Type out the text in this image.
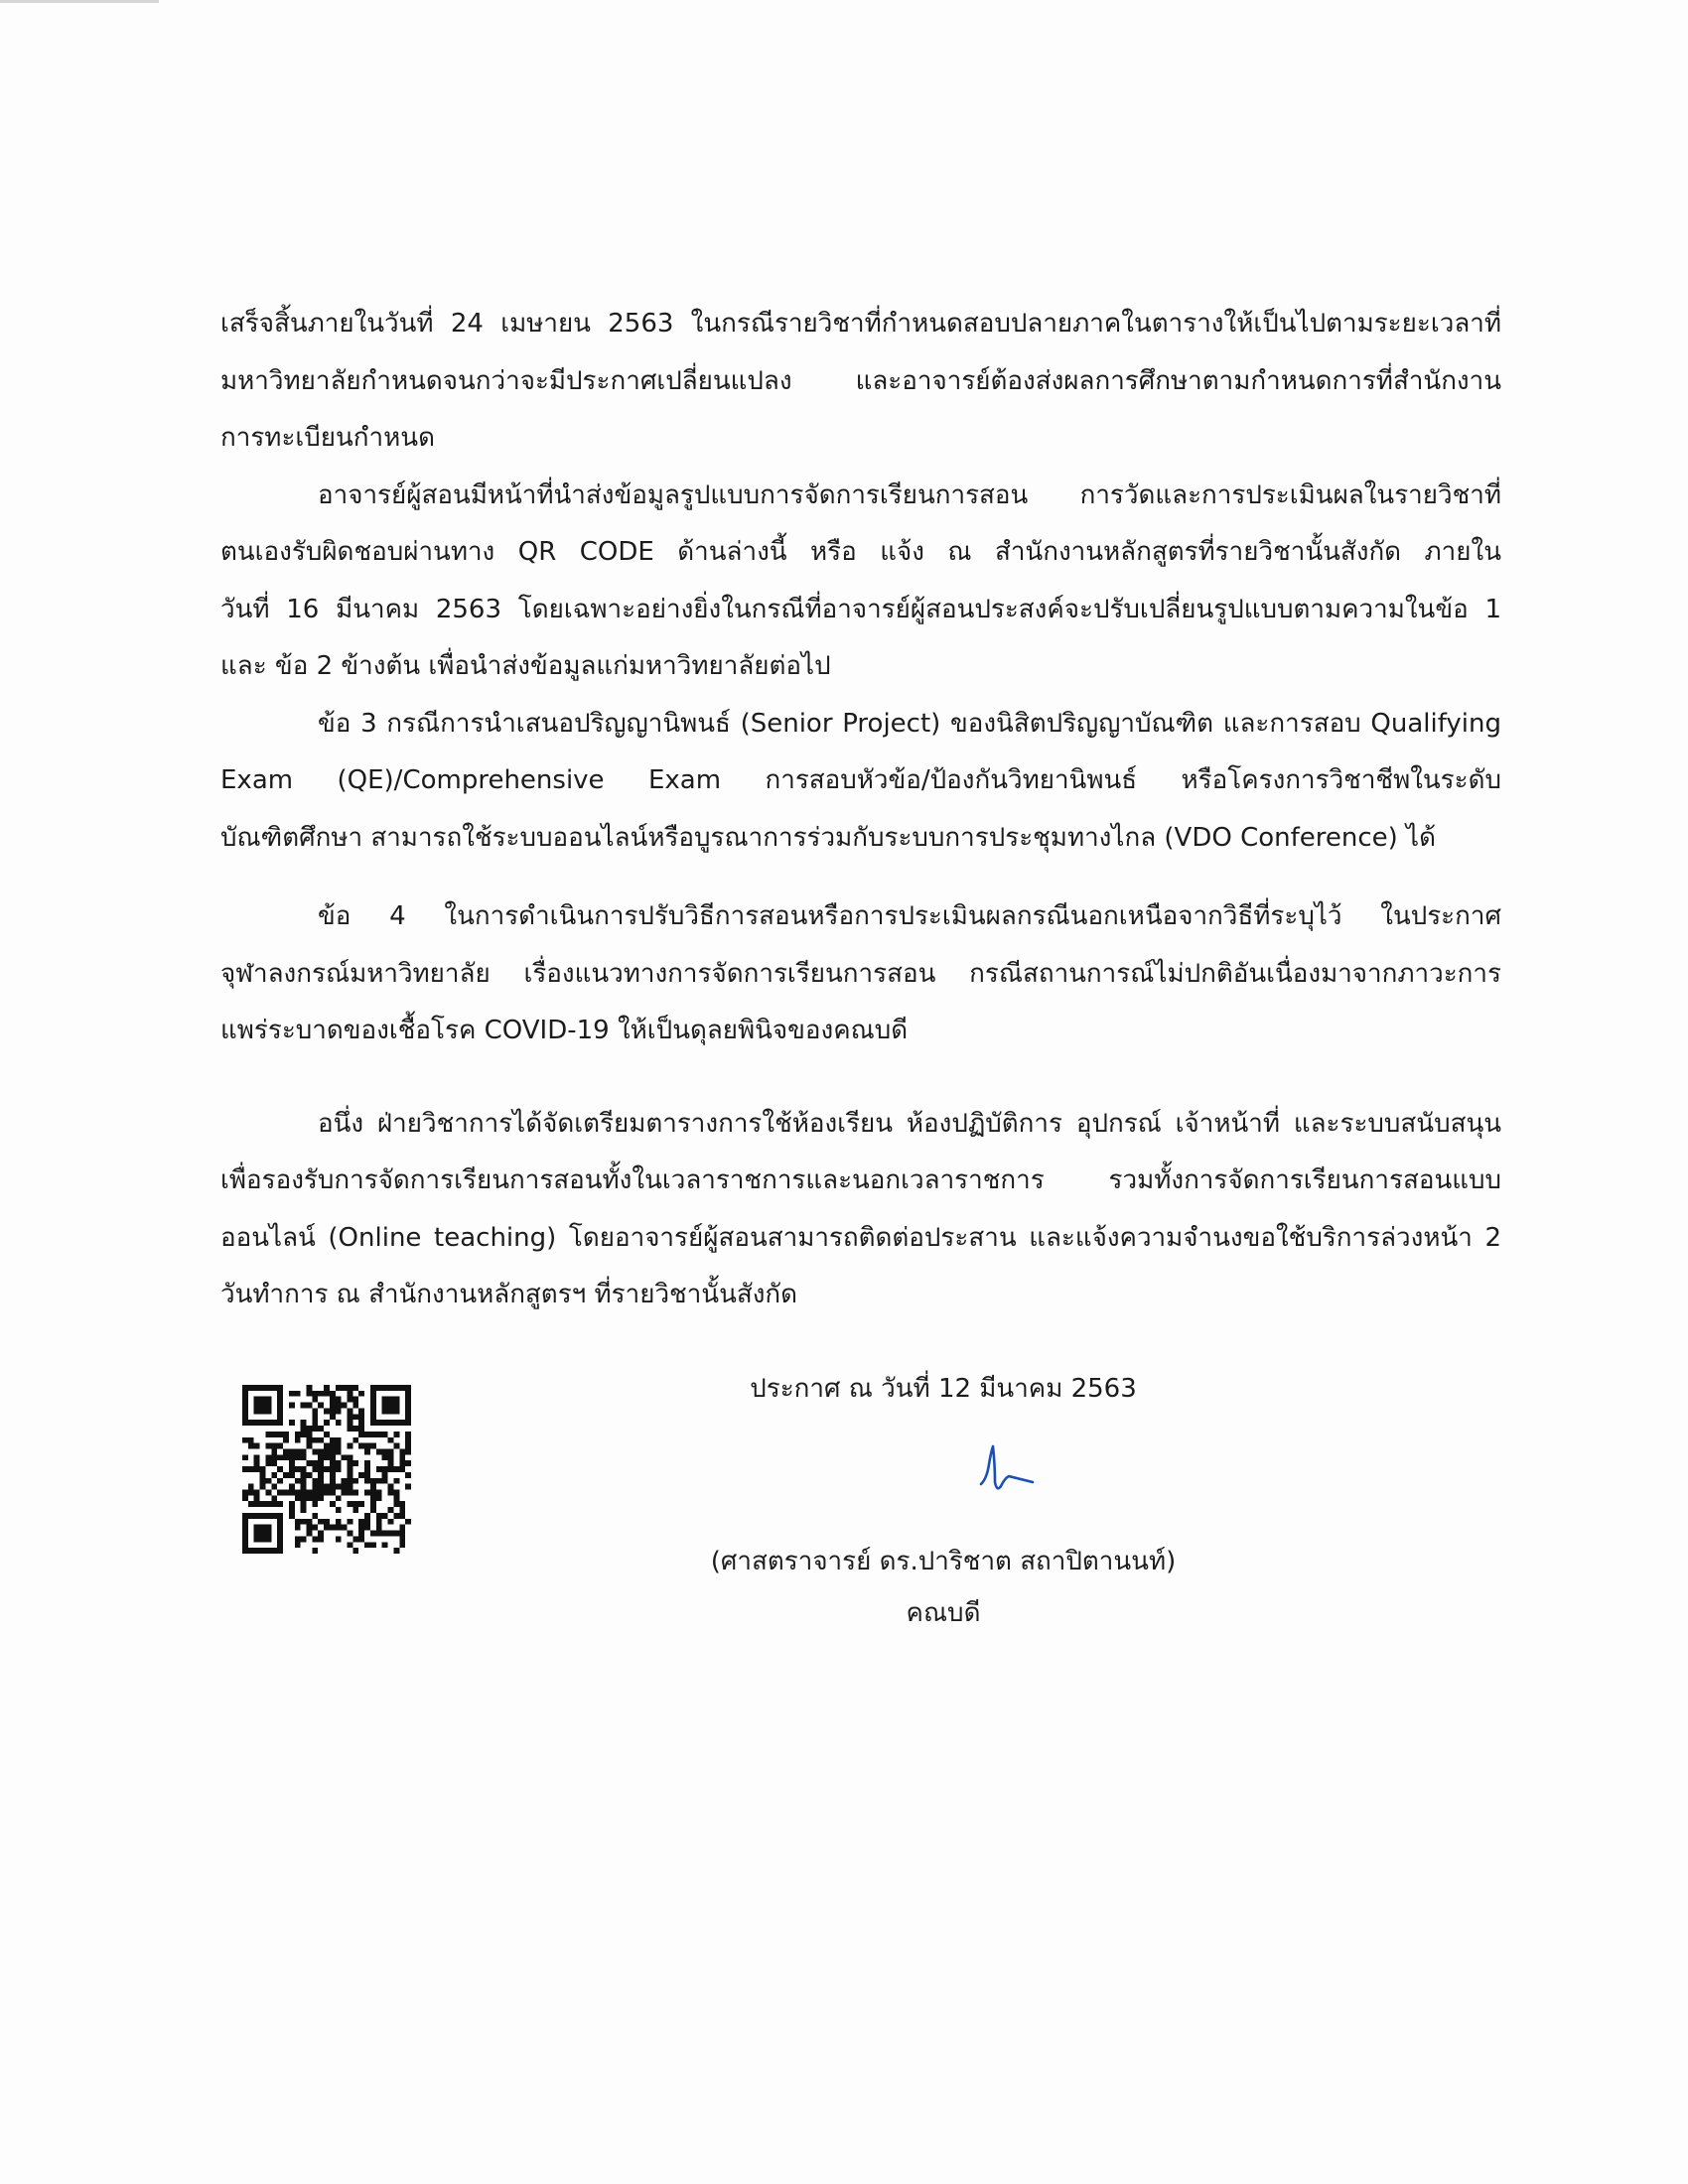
เสร็จสิ้นภายในวันที่ 24 เมษายน 2563 ในกรณีรายวิชาที่กำหนดสอบปลายภาคในตารางให้เป็นไปตามระยะเวลาที่

มหาวิทยาลัยกำหนดจนกว่าจะมีประกาศเปลี่ยนแปลง และอาจารย์ต้องส่งผลการศึกษาตามกำหนดการที่สำนักงาน

การทะเบียนกำหนด

อาจารย์ผู้สอนมีหน้าที่นำส่งข้อมูลรูปแบบการจัดการเรียนการสอน การวัดและการประเมินผลในรายวิชาที่

ตนเองรับผิดชอบผ่านทาง QR CODE ด้านล่างนี้ หรือ แจ้ง ณ สำนักงานหลักสูตรที่รายวิชานั้นสังกัด ภายใน

วันที่ 16 มีนาคม 2563 โดยเฉพาะอย่างยิ่งในกรณีที่อาจารย์ผู้สอนประสงค์จะปรับเปลี่ยนรูปแบบตามความในข้อ 1

และ ข้อ 2 ข้างต้น เพื่อนำส่งข้อมูลแก่มหาวิทยาลัยต่อไป

ข้อ 3 กรณีการนำเสนอปริญญานิพนธ์ (Senior Project) ของนิสิตปริญญาบัณฑิต และการสอบ Qualifying

Exam (QE)/Comprehensive Exam การสอบหัวข้อ/ป้องกันวิทยานิพนธ์ หรือโครงการวิชาชีพในระดับ

บัณฑิตศึกษา สามารถใช้ระบบออนไลน์หรือบูรณาการร่วมกับระบบการประชุมทางไกล (VDO Conference) ได้

ข้อ 4 ในการดำเนินการปรับวิธีการสอนหรือการประเมินผลกรณีนอกเหนือจากวิธีที่ระบุไว้ ในประกาศ

จุฬาลงกรณ์มหาวิทยาลัย เรื่องแนวทางการจัดการเรียนการสอน กรณีสถานการณ์ไม่ปกติอันเนื่องมาจากภาวะการ

แพร่ระบาดของเชื้อโรค COVID-19 ให้เป็นดุลยพินิจของคณบดี

อนึ่ง ฝ่ายวิชาการได้จัดเตรียมตารางการใช้ห้องเรียน ห้องปฏิบัติการ อุปกรณ์ เจ้าหน้าที่ และระบบสนับสนุน

เพื่อรองรับการจัดการเรียนการสอนทั้งในเวลาราชการและนอกเวลาราชการ รวมทั้งการจัดการเรียนการสอนแบบ

ออนไลน์ (Online teaching) โดยอาจารย์ผู้สอนสามารถติดต่อประสาน และแจ้งความจำนงขอใช้บริการล่วงหน้า 2

วันทำการ ณ สำนักงานหลักสูตรฯ ที่รายวิชานั้นสังกัด

ประกาศ ณ วันที่ 12 มีนาคม 2563
(ศาสตราจารย์ ดร.ปาริชาต สถาปิตานนท์)
คณบดี
